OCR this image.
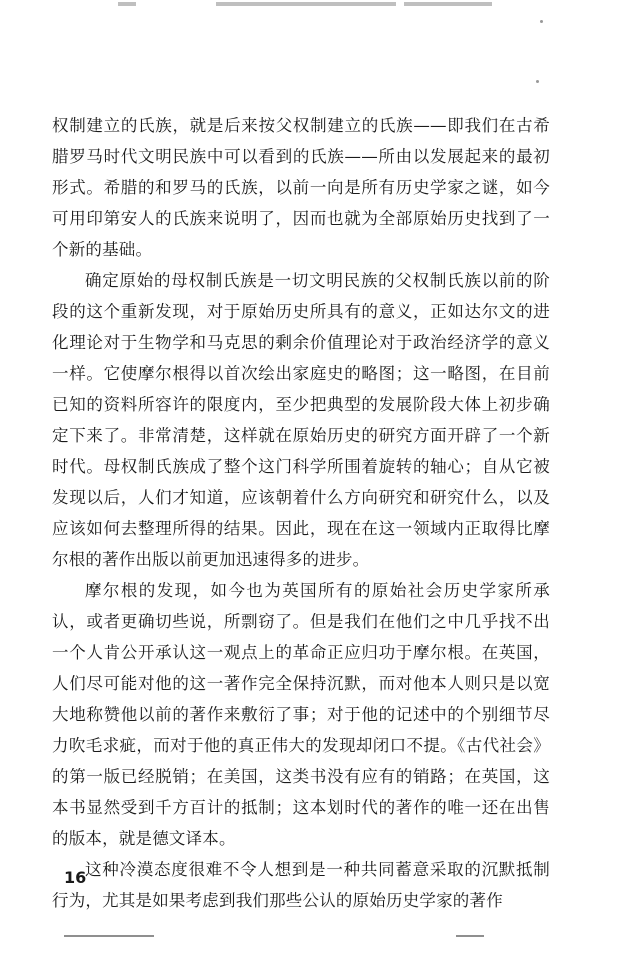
权制建立的氏族，就是后来按父权制建立的氏族——即我们在古希腊罗马时代文明民族中可以看到的氏族——所由以发展起来的最初形式。希腊的和罗马的氏族，以前一向是所有历史学家之谜，如今可用印第安人的氏族来说明了，因而也就为全部原始历史找到了一个新的基础。

确定原始的母权制氏族是一切文明民族的父权制氏族以前的阶段的这个重新发现，对于原始历史所具有的意义，正如达尔文的进化理论对于生物学和马克思的剩余价值理论对于政治经济学的意义一样。它使摩尔根得以首次绘出家庭史的略图；这一略图，在目前已知的资料所容许的限度内，至少把典型的发展阶段大体上初步确定下来了。非常清楚，这样就在原始历史的研究方面开辟了一个新时代。母权制氏族成了整个这门科学所围着旋转的轴心；自从它被发现以后，人们才知道，应该朝着什么方向研究和研究什么，以及应该如何去整理所得的结果。因此，现在在这一领域内正取得比摩尔根的著作出版以前更加迅速得多的进步。

摩尔根的发现，如今也为英国所有的原始社会历史学家所承认，或者更确切些说，所剽窃了。但是我们在他们之中几乎找不出一个人肯公开承认这一观点上的革命正应归功于摩尔根。在英国，人们尽可能对他的这一著作完全保持沉默，而对他本人则只是以宽大地称赞他以前的著作来敷衍了事；对于他的记述中的个别细节尽力吹毛求疵，而对于他的真正伟大的发现却闭口不提。《古代社会》的第一版已经脱销；在美国，这类书没有应有的销路；在英国，这本书显然受到千方百计的抵制；这本划时代的著作的唯一还在出售的版本，就是德文译本。

这种冷漠态度很难不令人想到是一种共同蓄意采取的沉默抵制行为，尤其是如果考虑到我们那些公认的原始历史学家的著作

16
